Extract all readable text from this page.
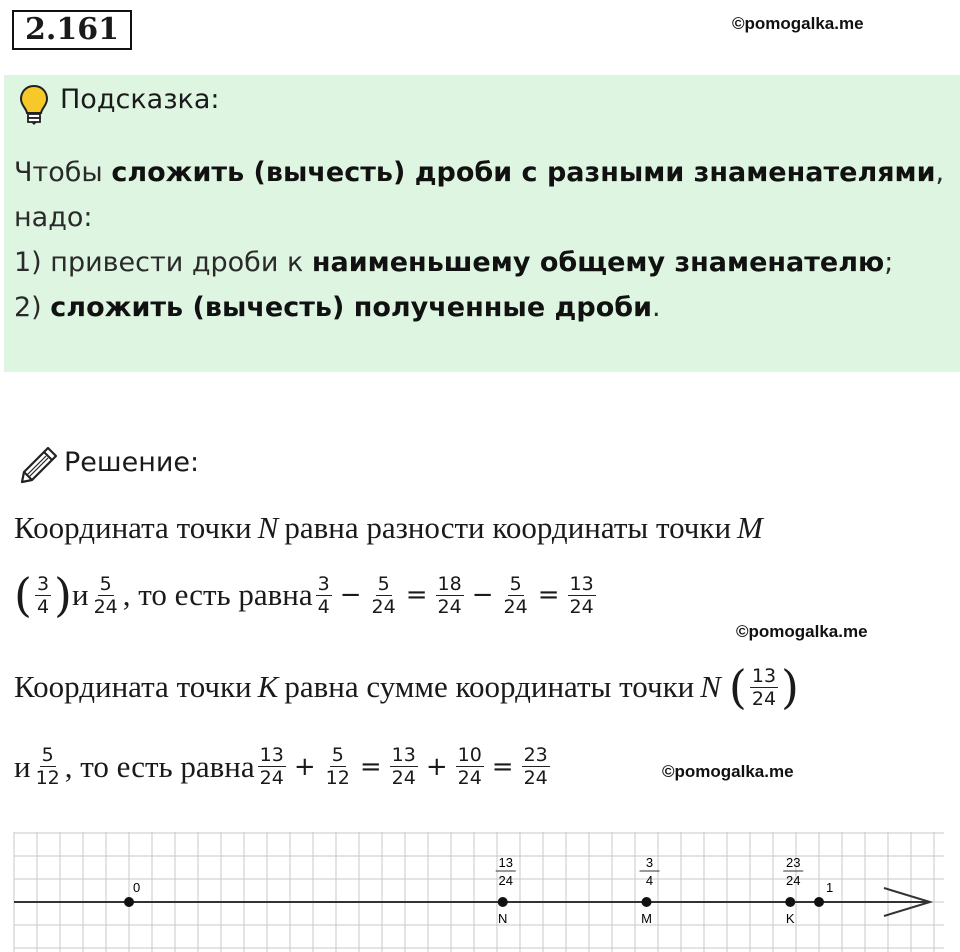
2.161	©pomogalka.me
Подсказка:
Чтобы сложить (вычесть) дроби с разными знаменателями,
надо:
1) привести дроби к наименьшему общему знаменателю;
2) сложить (вычесть) полученные дроби.
Решение:
Координата точки N равна разности координаты точки M
( $\frac{3}{4}$ ) и $\frac{5}{24}$ , то есть равна $\frac{3}{4} - \frac{5}{24} = \frac{18}{24} - \frac{5}{24} = \frac{13}{24}$
©pomogalka.me
Координата точки K равна сумме координаты точки N ( $\frac{13}{24}$ )
и $\frac{5}{12}$ , то есть равна $\frac{13}{24} + \frac{5}{12} = \frac{13}{24} + \frac{10}{24} = \frac{23}{24}$	©pomogalka.me
0	1
N
13
24
M
3
4
K
23
24
